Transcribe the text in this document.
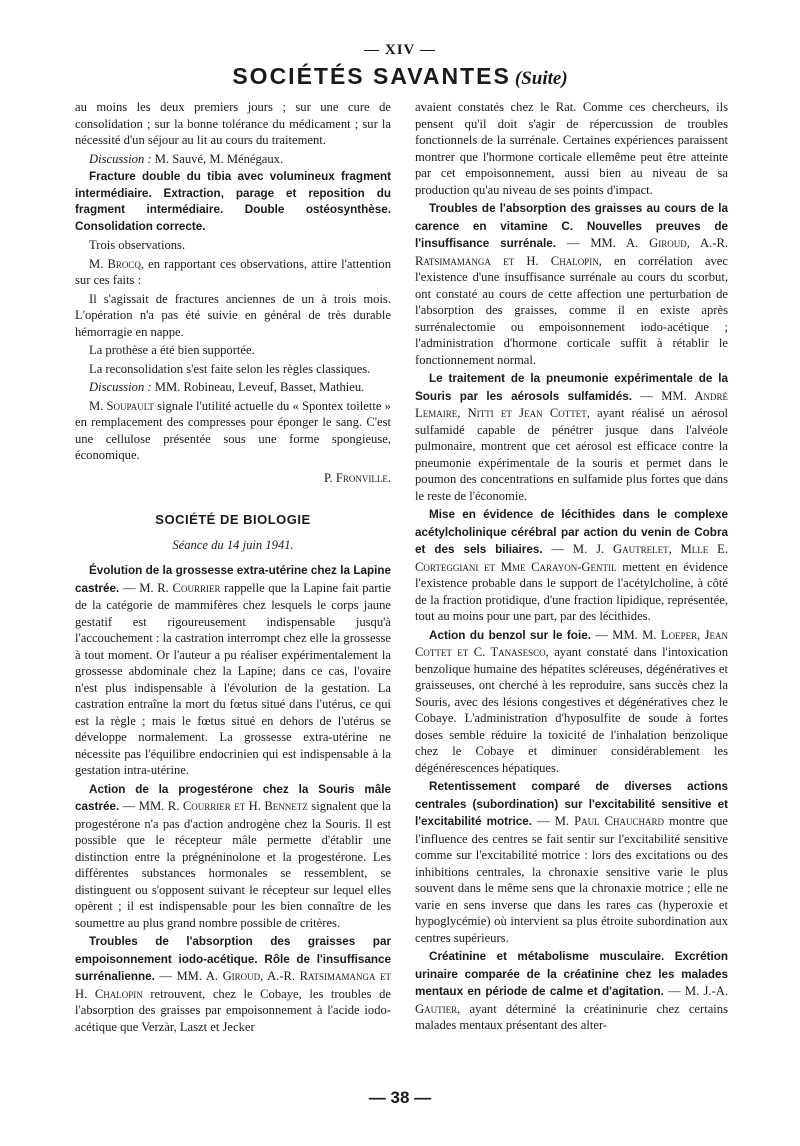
— XIV —
SOCIÉTÉS SAVANTES (Suite)

au moins les deux premiers jours ; sur une cure de consolidation ; sur la bonne tolérance du médicament ; sur la nécessité d'un séjour au lit au cours du traitement.

Discussion : M. Sauvé, M. Ménégaux.

Fracture double du tibia avec volumineux fragment intermédiaire. Extraction, parage et reposition du fragment intermédiaire. Double ostéosynthèse. Consolidation correcte.

Trois observations.

M. Brocq, en rapportant ces observations, attire l'attention sur ces faits :

Il s'agissait de fractures anciennes de un à trois mois. L'opération n'a pas été suivie en général de très durable hémorragie en nappe.

La prothèse a été bien supportée.

La reconsolidation s'est faite selon les règles classiques.

Discussion : MM. Robineau, Leveuf, Basset, Mathieu.

M. Soupault signale l'utilité actuelle du « Spontex toilette » en remplacement des compresses pour éponger le sang. C'est une cellulose présentée sous une forme spongieuse, économique.

P. Fronville.

SOCIÉTÉ DE BIOLOGIE

Séance du 14 juin 1941.

Évolution de la grossesse extra-utérine chez la Lapine castrée. — M. R. Courrier rappelle que la Lapine fait partie de la catégorie de mammifères chez lesquels le corps jaune gestatif est rigoureusement indispensable jusqu'à l'accouchement : la castration interrompt chez elle la grossesse à tout moment. Or l'auteur a pu réaliser expérimentalement la grossesse abdominale chez la Lapine; dans ce cas, l'ovaire n'est plus indispensable à l'évolution de la gestation. La castration entraîne la mort du fœtus situé dans l'utérus, ce qui est la règle ; mais le fœtus situé en dehors de l'utérus se développe normalement. La grossesse extra-utérine ne nécessite pas l'équilibre endocrinien qui est indispensable à la gestation intra-utérine.

Action de la progestérone chez la Souris mâle castrée. — MM. R. Courrier et H. Bennetz signalent que la progestérone n'a pas d'action androgène chez la Souris. Il est possible que le récepteur mâle permette d'établir une distinction entre la prégnéninolone et la progestérone. Les différentes substances hormonales se ressemblent, se distinguent ou s'opposent suivant le récepteur sur lequel elles opèrent ; il est indispensable pour les bien connaître de les soumettre au plus grand nombre possible de critères.

Troubles de l'absorption des graisses par empoisonnement iodo-acétique. Rôle de l'insuffisance surrénalienne. — MM. A. Giroud, A.-R. Ratsimamanga et H. Chalopin retrouvent, chez le Cobaye, les troubles de l'absorption des graisses par empoisonnement à l'acide iodo-acétique que Verzàr, Laszt et Jecker

avaient constatés chez le Rat. Comme ces chercheurs, ils pensent qu'il doit s'agir de répercussion de troubles fonctionnels de la surrénale. Certaines expériences paraissent montrer que l'hormone corticale ellemême peut être atteinte par cet empoisonnement, aussi bien au niveau de sa production qu'au niveau de ses points d'impact.

Troubles de l'absorption des graisses au cours de la carence en vitamine C. Nouvelles preuves de l'insuffisance surrénale. — MM. A. Giroud, A.-R. Ratsimamanga et H. Chalopin, en corrélation avec l'existence d'une insuffisance surrénale au cours du scorbut, ont constaté au cours de cette affection une perturbation de l'absorption des graisses, comme il en existe après surrénalectomie ou empoisonnement iodo-acétique ; l'administration d'hormone corticale suffit à rétablir le fonctionnement normal.

Le traitement de la pneumonie expérimentale de la Souris par les aérosols sulfamidés. — MM. André Lemaire, Nitti et Jean Cottet, ayant réalisé un aérosol sulfamidé capable de pénétrer jusque dans l'alvéole pulmonaire, montrent que cet aérosol est efficace contre la pneumonie expérimentale de la souris et permet dans le poumon des concentrations en sulfamide plus fortes que dans le reste de l'économie.

Mise en évidence de lécithides dans le complexe acétylcholinique cérébral par action du venin de Cobra et des sels biliaires. — M. J. Gautrelet, Mlle E. Corteggiani et Mme Carayon-Gentil mettent en évidence l'existence probable dans le support de l'acétylcholine, à côté de la fraction protidique, d'une fraction lipidique, représentée, tout au moins pour une part, par des lécithides.

Action du benzol sur le foie. — MM. M. Loeper, Jean Cottet et C. Tanasesco, ayant constaté dans l'intoxication benzolique humaine des hépatites scléreuses, dégénératives et graisseuses, ont cherché à les reproduire, sans succès chez la Souris, avec des lésions congestives et dégénératives chez le Cobaye. L'administration d'hyposulfite de soude à fortes doses semble réduire la toxicité de l'inhalation benzolique chez le Cobaye et diminuer considérablement les dégénérescences hépatiques.

Retentissement comparé de diverses actions centrales (subordination) sur l'excitabilité sensitive et l'excitabilité motrice. — M. Paul Chauchard montre que l'influence des centres se fait sentir sur l'excitabilité sensitive comme sur l'excitabilité motrice : lors des excitations ou des inhibitions centrales, la chronaxie sensitive varie le plus souvent dans le même sens que la chronaxie motrice ; elle ne varie en sens inverse que dans les rares cas (hyperoxie et hypoglycémie) où intervient sa plus étroite subordination aux centres supérieurs.

Créatinine et métabolisme musculaire. Excrétion urinaire comparée de la créatinine chez les malades mentaux en période de calme et d'agitation. — M. J.-A. Gautier, ayant déterminé la créatininurie chez certains malades mentaux présentant des alter-

— 38 —
